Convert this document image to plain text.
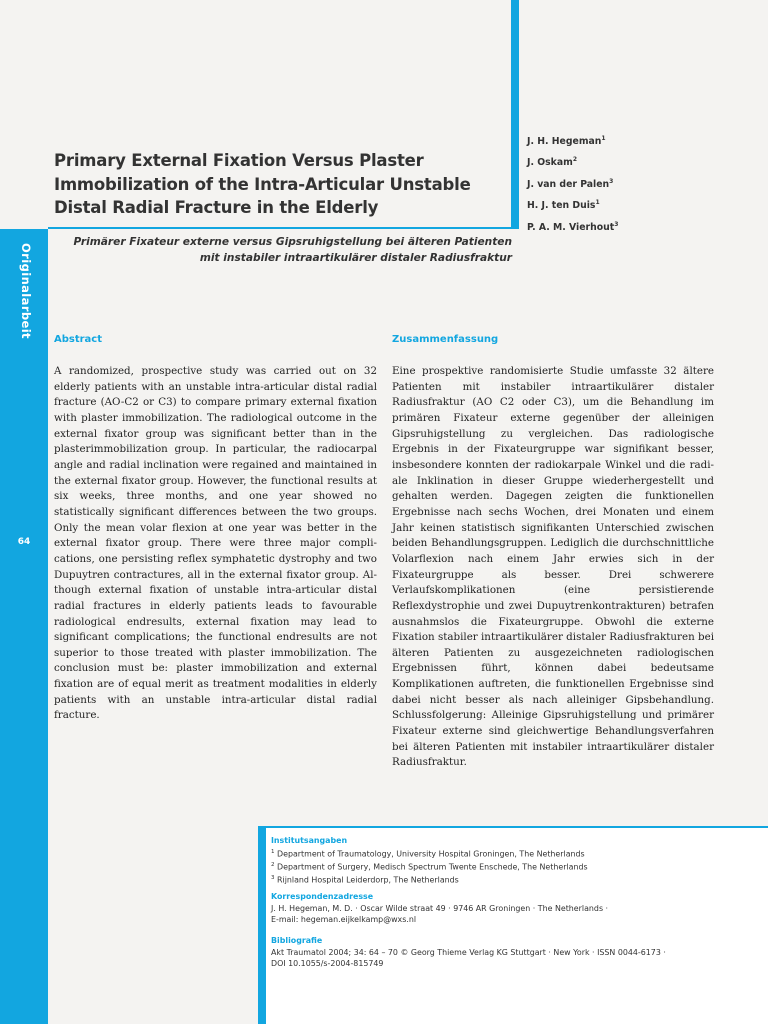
Originalarbeit
64
Primary External Fixation Versus Plaster
Immobilization of the Intra-Articular Unstable
Distal Radial Fracture in the Elderly
J. H. Hegeman$^1$
J. Oskam$^2$
J. van der Palen$^3$
H. J. ten Duis$^1$
P. A. M. Vierhout$^3$

Primärer Fixateur externe versus Gipsruhigstellung bei älteren Patienten
mit instabiler intraartikulärer distaler Radiusfraktur

Abstract

A randomized, prospective study was carried out on 32 elderly patients with an unstable intra-articular distal radial fracture (AO-C2 or C3) to compare primary external fixation with plaster immobilization. The radiological outcome in the external fixator group was significant better than in the plasterimmobilization group. In particular, the radiocarpal angle and radial inclination were regained and maintained in the external fixator group. However, the functional results at six weeks, three months, and one year showed no statistically significant differences between the two groups. Only the mean volar flexion at one year was better in the external fixator group. There were three major complications, one persisting reflex symphatetic dystrophy and two Dupuytren contractures, all in the external fixator group. Although external fixation of unstable intra-articular distal radial fractures in elderly patients leads to favourable radiological endresults, external fixation may lead to significant complications; the functional endresults are not superior to those treated with plaster immobilization. The conclusion must be: plaster immobilization and external fixation are of equal merit as treatment modalities in elderly patients with an unstable intra-articular distal radial fracture.

Zusammenfassung

Eine prospektive randomisierte Studie umfasste 32 ältere Patienten mit instabiler intraartikulärer distaler Radiusfraktur (AO C2 oder C3), um die Behandlung im primären Fixateur externe gegenüber der alleinigen Gipsruhigstellung zu vergleichen. Das radiologische Ergebnis in der Fixateurgruppe war signifikant besser, insbesondere konnten der radiokarpale Winkel und die radiale Inklination in dieser Gruppe wiederhergestellt und gehalten werden. Dagegen zeigten die funktionellen Ergebnisse nach sechs Wochen, drei Monaten und einem Jahr keinen statistisch signifikanten Unterschied zwischen beiden Behandlungsgruppen. Lediglich die durchschnittliche Volarflexion nach einem Jahr erwies sich in der Fixateurgruppe als besser. Drei schwerere Verlaufskomplikationen (eine persistierende Reflexdystrophie und zwei Dupuytrenkontrakturen) betrafen ausnahmslos die Fixateurgruppe. Obwohl die externe Fixation stabiler intraartikulärer distaler Radiusfrakturen bei älteren Patienten zu ausgezeichneten radiologischen Ergebnissen führt, können dabei bedeutsame Komplikationen auftreten, die funktionellen Ergebnisse sind dabei nicht besser als nach alleiniger Gipsbehandlung. Schlussfolgerung: Alleinige Gipsruhigstellung und primärer Fixateur externe sind gleichwertige Behandlungsverfahren bei älteren Patienten mit instabiler intraartikulärer distaler Radiusfraktur.

Institutsangaben
$^1$ Department of Traumatology, University Hospital Groningen, The Netherlands
$^2$ Department of Surgery, Medisch Spectrum Twente Enschede, The Netherlands
$^3$ Rijnland Hospital Leiderdorp, The Netherlands
Korrespondenzadresse
J. H. Hegeman, M. D. · Oscar Wilde straat 49 · 9746 AR Groningen · The Netherlands ·
E-mail: hegeman.eijkelkamp@wxs.nl
Bibliografie
Akt Traumatol 2004; 34: 64 – 70 © Georg Thieme Verlag KG Stuttgart · New York · ISSN 0044-6173 ·
DOI 10.1055/s-2004-815749
